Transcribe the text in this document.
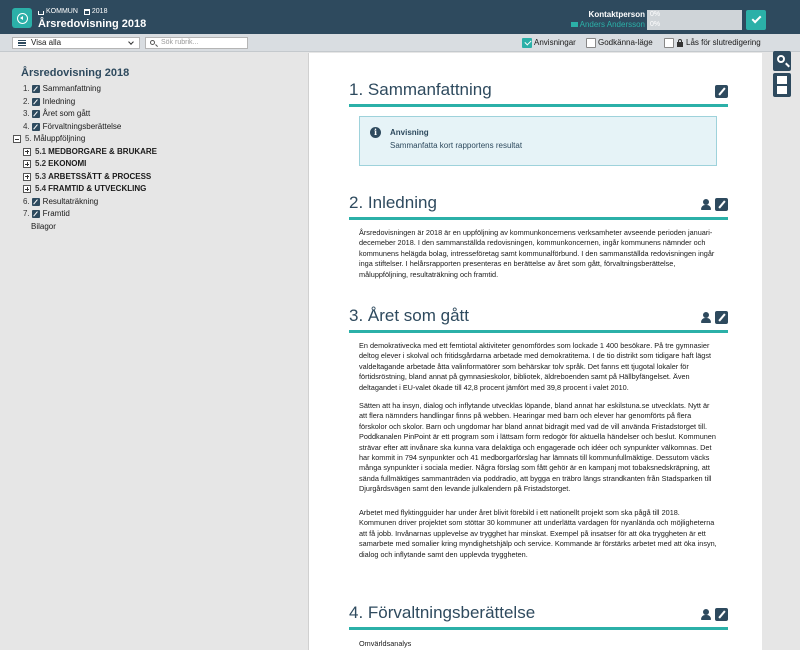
KOMMUN 2018
Årsredovisning 2018
Kontaktperson
Anders Andersson
0%
0%
Visa alla	Sök rubrik...	Anvisningar	Godkänna-läge	Lås för slutredigering
Årsredovisning 2018
1. Sammanfattning
2. Inledning
3. Året som gått
4. Förvaltningsberättelse
5. Måluppföljning
5.1 MEDBORGARE & BRUKARE
5.2 EKONOMI
5.3 ARBETSSÄTT & PROCESS
5.4 FRAMTID & UTVECKLING
6. Resultaträkning
7. Framtid
Bilagor
1. Sammanfattning
i	Anvisning
Sammanfatta kort rapportens resultat
2. Inledning
Årsredovisningen är 2018 är en uppföljning av kommunkoncernens verksamheter avseende perioden januari-decemeber 2018. I den sammanställda redovisningen, kommunkoncernen, ingår kommunens nämnder och kommunens helägda bolag, intresseföretag samt kommunalförbund. I den sammanställda redovisningen ingår inga stiftelser. I helårsrapporten presenteras en berättelse av året som gått, förvaltningsberättelse, måluppföljning, resultaträkning och framtid.
3. Året som gått
En demokrativecka med ett femtiotal aktiviteter genomfördes som lockade 1 400 besökare. På tre gymnasier deltog elever i skolval och fritidsgårdarna arbetade med demokratitema. I de tio distrikt som tidigare haft lägst valdeltagande arbetade åtta valinformatörer som behärskar tolv språk. Det fanns ett tjugotal lokaler för förtidsröstning, bland annat på gymnasieskolor, bibliotek, äldreboenden samt på Hällbyfängelset. Även deltagandet i EU-valet ökade till 42,8 procent jämfört med 39,8 procent i valet 2010.
Sätten att ha insyn, dialog och inflytande utvecklas löpande, bland annat har eskilstuna.se utvecklats. Nytt är att flera nämnders handlingar finns på webben. Hearingar med barn och elever har genomförts på flera förskolor och skolor. Barn och ungdomar har bland annat bidragit med vad de vill använda Fristadstorget till. Poddkanalen PinPoint är ett program som i lättsam form redogör för aktuella händelser och beslut. Kommunen strävar efter att invånare ska kunna vara delaktiga och engagerade och idéer och synpunkter välkomnas. Det har kommit in 794 synpunkter och 41 medborgarförslag har lämnats till kommunfullmäktige. Dessutom väcks många synpunkter i sociala medier. Några förslag som fått gehör är en kampanj mot tobaksnedskräpning, att sända fullmäktiges sammanträden via poddradio, att bygga en träbro längs strandkanten från Stadsparken till Djurgårdsvägen samt den levande julkalendern på Fristadstorget.
Arbetet med flyktingguider har under året blivit förebild i ett nationellt projekt som ska pågå till 2018. Kommunen driver projektet som stöttar 30 kommuner att underlätta vardagen för nyanlända och möjligheterna att få jobb. Invånarnas upplevelse av trygghet har minskat. Exempel på insatser för att öka tryggheten är ett samarbete med somalier kring myndighetshjälp och service. Kommande är förstärks arbetet med att öka insyn, dialog och inflytande samt den upplevda tryggheten.
4. Förvaltningsberättelse
Omvärldsanalys
